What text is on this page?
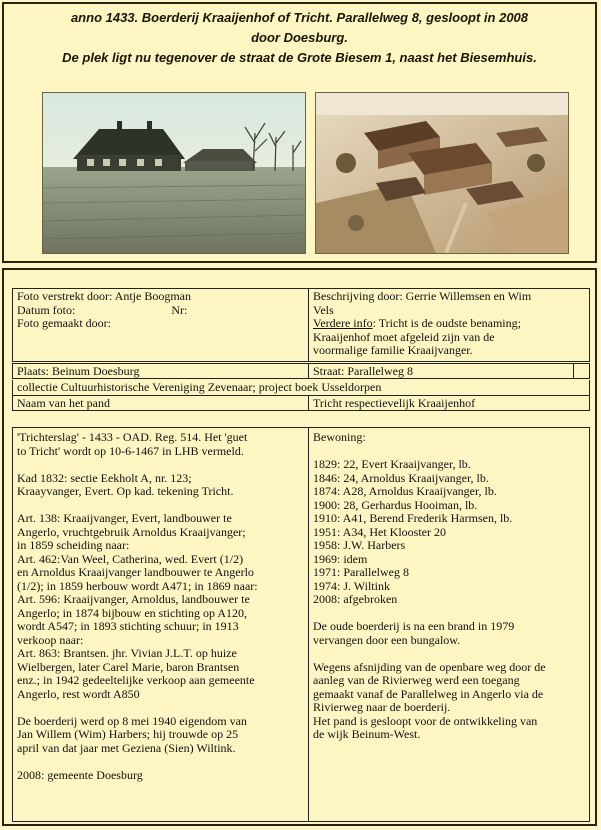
anno 1433. Boerderij Kraaijenhof of Tricht. Parallelweg 8, gesloopt in 2008
door Doesburg.
De plek ligt nu tegenover de straat de Grote Biesem 1, naast het Biesemhuis.
Foto verstrekt door: Antje Boogman
Datum foto:	Nr:
Foto gemaakt door:
Beschrijving door: Gerrie Willemsen en Wim
Vels
Verdere info: Tricht is de oudste benaming;
Kraaijenhof moet afgeleid zijn van de
voormalige familie Kraaijvanger.
Plaats: Beinum Doesburg	Straat: Parallelweg 8
collectie Cultuurhistorische Vereniging Zevenaar; project boek Usseldorpen
Naam van het pand	Tricht respectievelijk Kraaijenhof
'Trichterslag' - 1433 - OAD. Reg. 514. Het 'guet
to Tricht' wordt op 10-6-1467 in LHB vermeld.
Kad 1832: sectie Eekholt A, nr. 123;
Kraayvanger, Evert. Op kad. tekening Tricht.
Art. 138: Kraaijvanger, Evert, landbouwer te
Angerlo, vruchtgebruik Arnoldus Kraaijvanger;
in 1859 scheiding naar:
Art. 462:Van Weel, Catherina, wed. Evert (1/2)
en Arnoldus Kraaijvanger landbouwer te Angerlo
(1/2); in 1859 herbouw wordt A471; in 1869 naar:
Art. 596: Kraaijvanger, Arnoldus, landbouwer te
Angerlo; in 1874 bijbouw en stichting op A120,
wordt A547; in 1893 stichting schuur; in 1913
verkoop naar:
Art. 863: Brantsen. jhr. Vivian J.L.T. op huize
Wielbergen, later Carel Marie, baron Brantsen
enz.; in 1942 gedeeltelijke verkoop aan gemeente
Angerlo, rest wordt A850
De boerderij werd op 8 mei 1940 eigendom van
Jan Willem (Wim) Harbers; hij trouwde op 25
april van dat jaar met Geziena (Sien) Wiltink.
2008: gemeente Doesburg
Bewoning:
1829: 22, Evert Kraaijvanger, lb.
1846: 24, Arnoldus Kraaijvanger, lb.
1874: A28, Arnoldus Kraaijvanger, lb.
1900: 28, Gerhardus Hooiman, lb.
1910: A41, Berend Frederik Harmsen, lb.
1951: A34, Het Klooster 20
1958: J.W. Harbers
1969: idem
1971: Parallelweg 8
1974: J. Wiltink
2008: afgebroken
De oude boerderij is na een brand in 1979
vervangen door een bungalow.
Wegens afsnijding van de openbare weg door de
aanleg van de Rivierweg werd een toegang
gemaakt vanaf de Parallelweg in Angerlo via de
Rivierweg naar de boerderij.
Het pand is gesloopt voor de ontwikkeling van
de wijk Beinum-West.
